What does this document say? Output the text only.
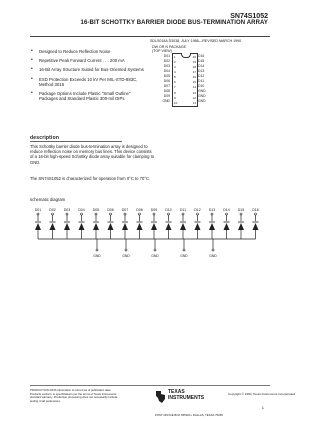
SN74S1052
16-BIT SCHOTTKY BARRIER DIODE BUS-TERMINATION ARRAY
SDLS018A D3038, JULY 1988—REVISED MARCH 1990
• Designed to Reduce Reflection Noise
• Repetitive Peak Forward Current . . . 200 mA
• 16-Bit Array Structure Suited for Bus-Oriented Systems
• ESD Protection Exceeds 10 kV Per MIL-STD-883C, Method 3015
• Package Options Include Plastic "Small Outline" Packages and Standard Plastic 300-mil DIPs
DW OR N PACKAGE
(TOP VIEW)
1
2
3
4
5
6
7
8
9
10
20
19
18
17
16
15
14
13
12
11
D01
D02
D03
D04
D05
D06
D07
D08
D09
GND
D16
D15
D14
D13
D12
D11
D10
GND
GND
GND
description

This Schottky barrier diode bus-termination array is designed to reduce reflection noise on memory bus lines. This device consists of a 16-bit high-speed Schottky diode array suitable for clamping to GND.

The SN74S1052 is characterized for operation from 0°C to 70°C.

schematic diagram
D01 D02 D03 D04 D05 D06 D07 D08 D09 D10 D11 D12 D13 D14 D15 D16
GND	GND	GND	GND	GND

PRODUCTION DATA information is current as of publication date. Products conform to specifications per the terms of Texas Instruments standard warranty. Production processing does not necessarily include testing of all parameters.

TEXAS
INSTRUMENTS
Copyright © 1990, Texas Instruments Incorporated
1
POST OFFICE BOX 655303 • DALLAS, TEXAS 75265
